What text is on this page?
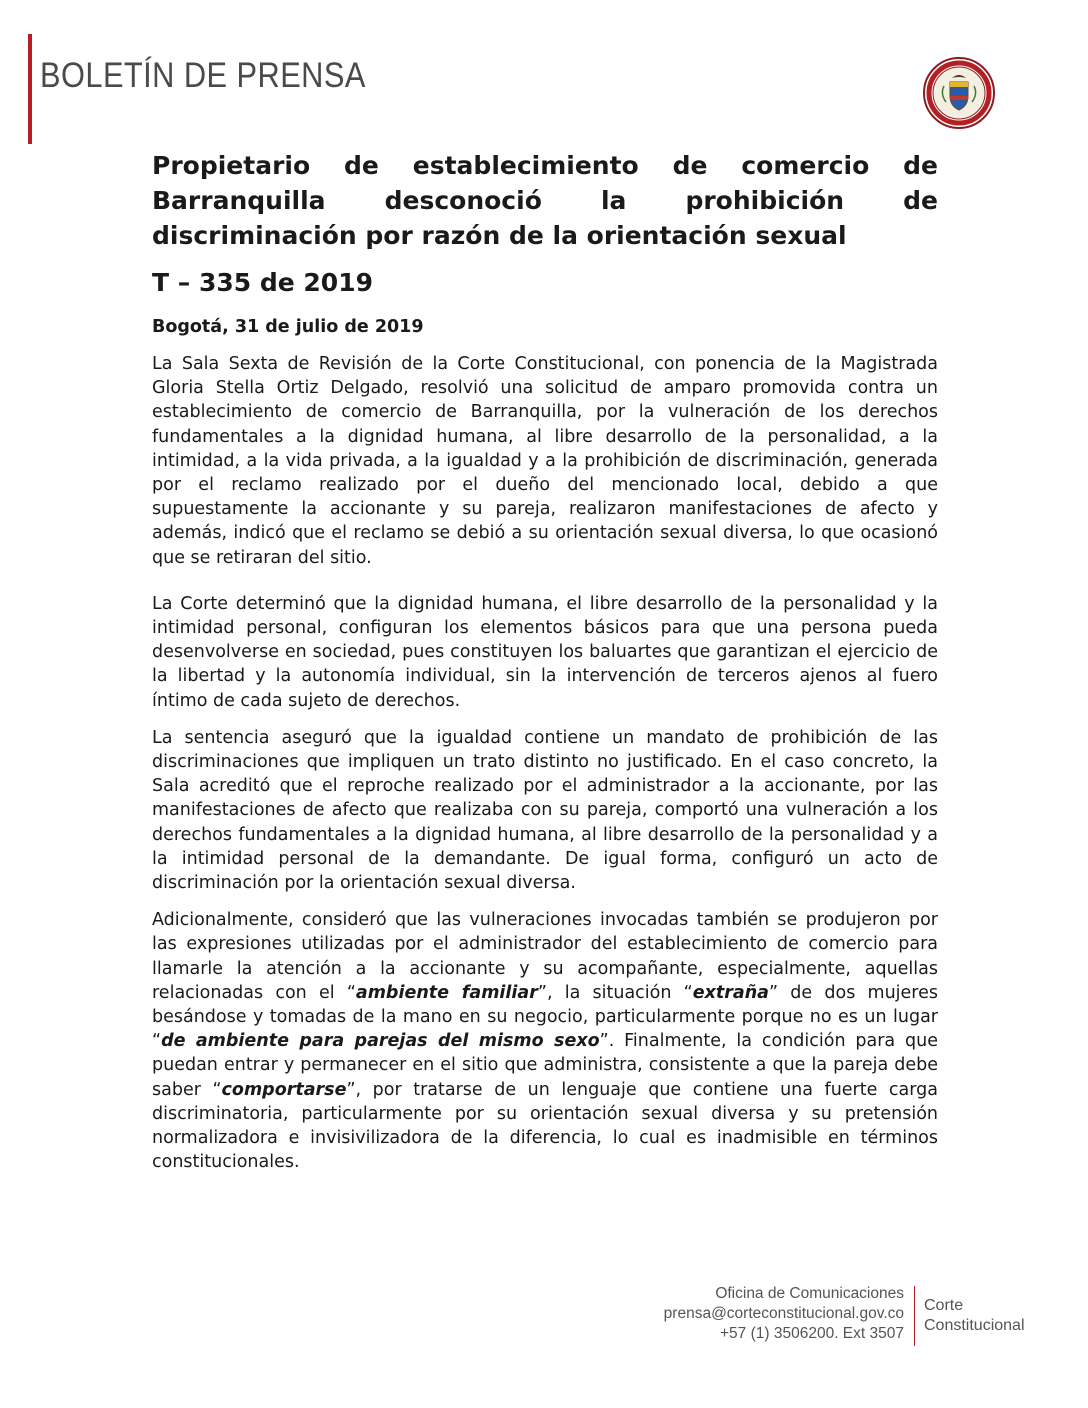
BOLETÍN DE PRENSA
Propietario de establecimiento de comercio de Barranquilla desconoció la prohibición de discriminación por razón de la orientación sexual
T – 335 de 2019
Bogotá, 31 de julio de 2019

La Sala Sexta de Revisión de la Corte Constitucional, con ponencia de la Magistrada Gloria Stella Ortiz Delgado, resolvió una solicitud de amparo promovida contra un establecimiento de comercio de Barranquilla, por la vulneración de los derechos fundamentales a la dignidad humana, al libre desarrollo de la personalidad, a la intimidad, a la vida privada, a la igualdad y a la prohibición de discriminación, generada por el reclamo realizado por el dueño del mencionado local, debido a que supuestamente la accionante y su pareja, realizaron manifestaciones de afecto y además, indicó que el reclamo se debió a su orientación sexual diversa, lo que ocasionó que se retiraran del sitio.

La Corte determinó que la dignidad humana, el libre desarrollo de la personalidad y la intimidad personal, configuran los elementos básicos para que una persona pueda desenvolverse en sociedad, pues constituyen los baluartes que garantizan el ejercicio de la libertad y la autonomía individual, sin la intervención de terceros ajenos al fuero íntimo de cada sujeto de derechos.

La sentencia aseguró que la igualdad contiene un mandato de prohibición de las discriminaciones que impliquen un trato distinto no justificado. En el caso concreto, la Sala acreditó que el reproche realizado por el administrador a la accionante, por las manifestaciones de afecto que realizaba con su pareja, comportó una vulneración a los derechos fundamentales a la dignidad humana, al libre desarrollo de la personalidad y a la intimidad personal de la demandante. De igual forma, configuró un acto de discriminación por la orientación sexual diversa.

Adicionalmente, consideró que las vulneraciones invocadas también se produjeron por las expresiones utilizadas por el administrador del establecimiento de comercio para llamarle la atención a la accionante y su acompañante, especialmente, aquellas relacionadas con el “ambiente familiar”, la situación “extraña” de dos mujeres besándose y tomadas de la mano en su negocio, particularmente porque no es un lugar “de ambiente para parejas del mismo sexo”. Finalmente, la condición para que puedan entrar y permanecer en el sitio que administra, consistente a que la pareja debe saber “comportarse”, por tratarse de un lenguaje que contiene una fuerte carga discriminatoria, particularmente por su orientación sexual diversa y su pretensión normalizadora e invisivilizadora de la diferencia, lo cual es inadmisible en términos constitucionales.

Oficina de Comunicaciones
prensa@corteconstitucional.gov.co
+57 (1) 3506200. Ext 3507
Corte
Constitucional
